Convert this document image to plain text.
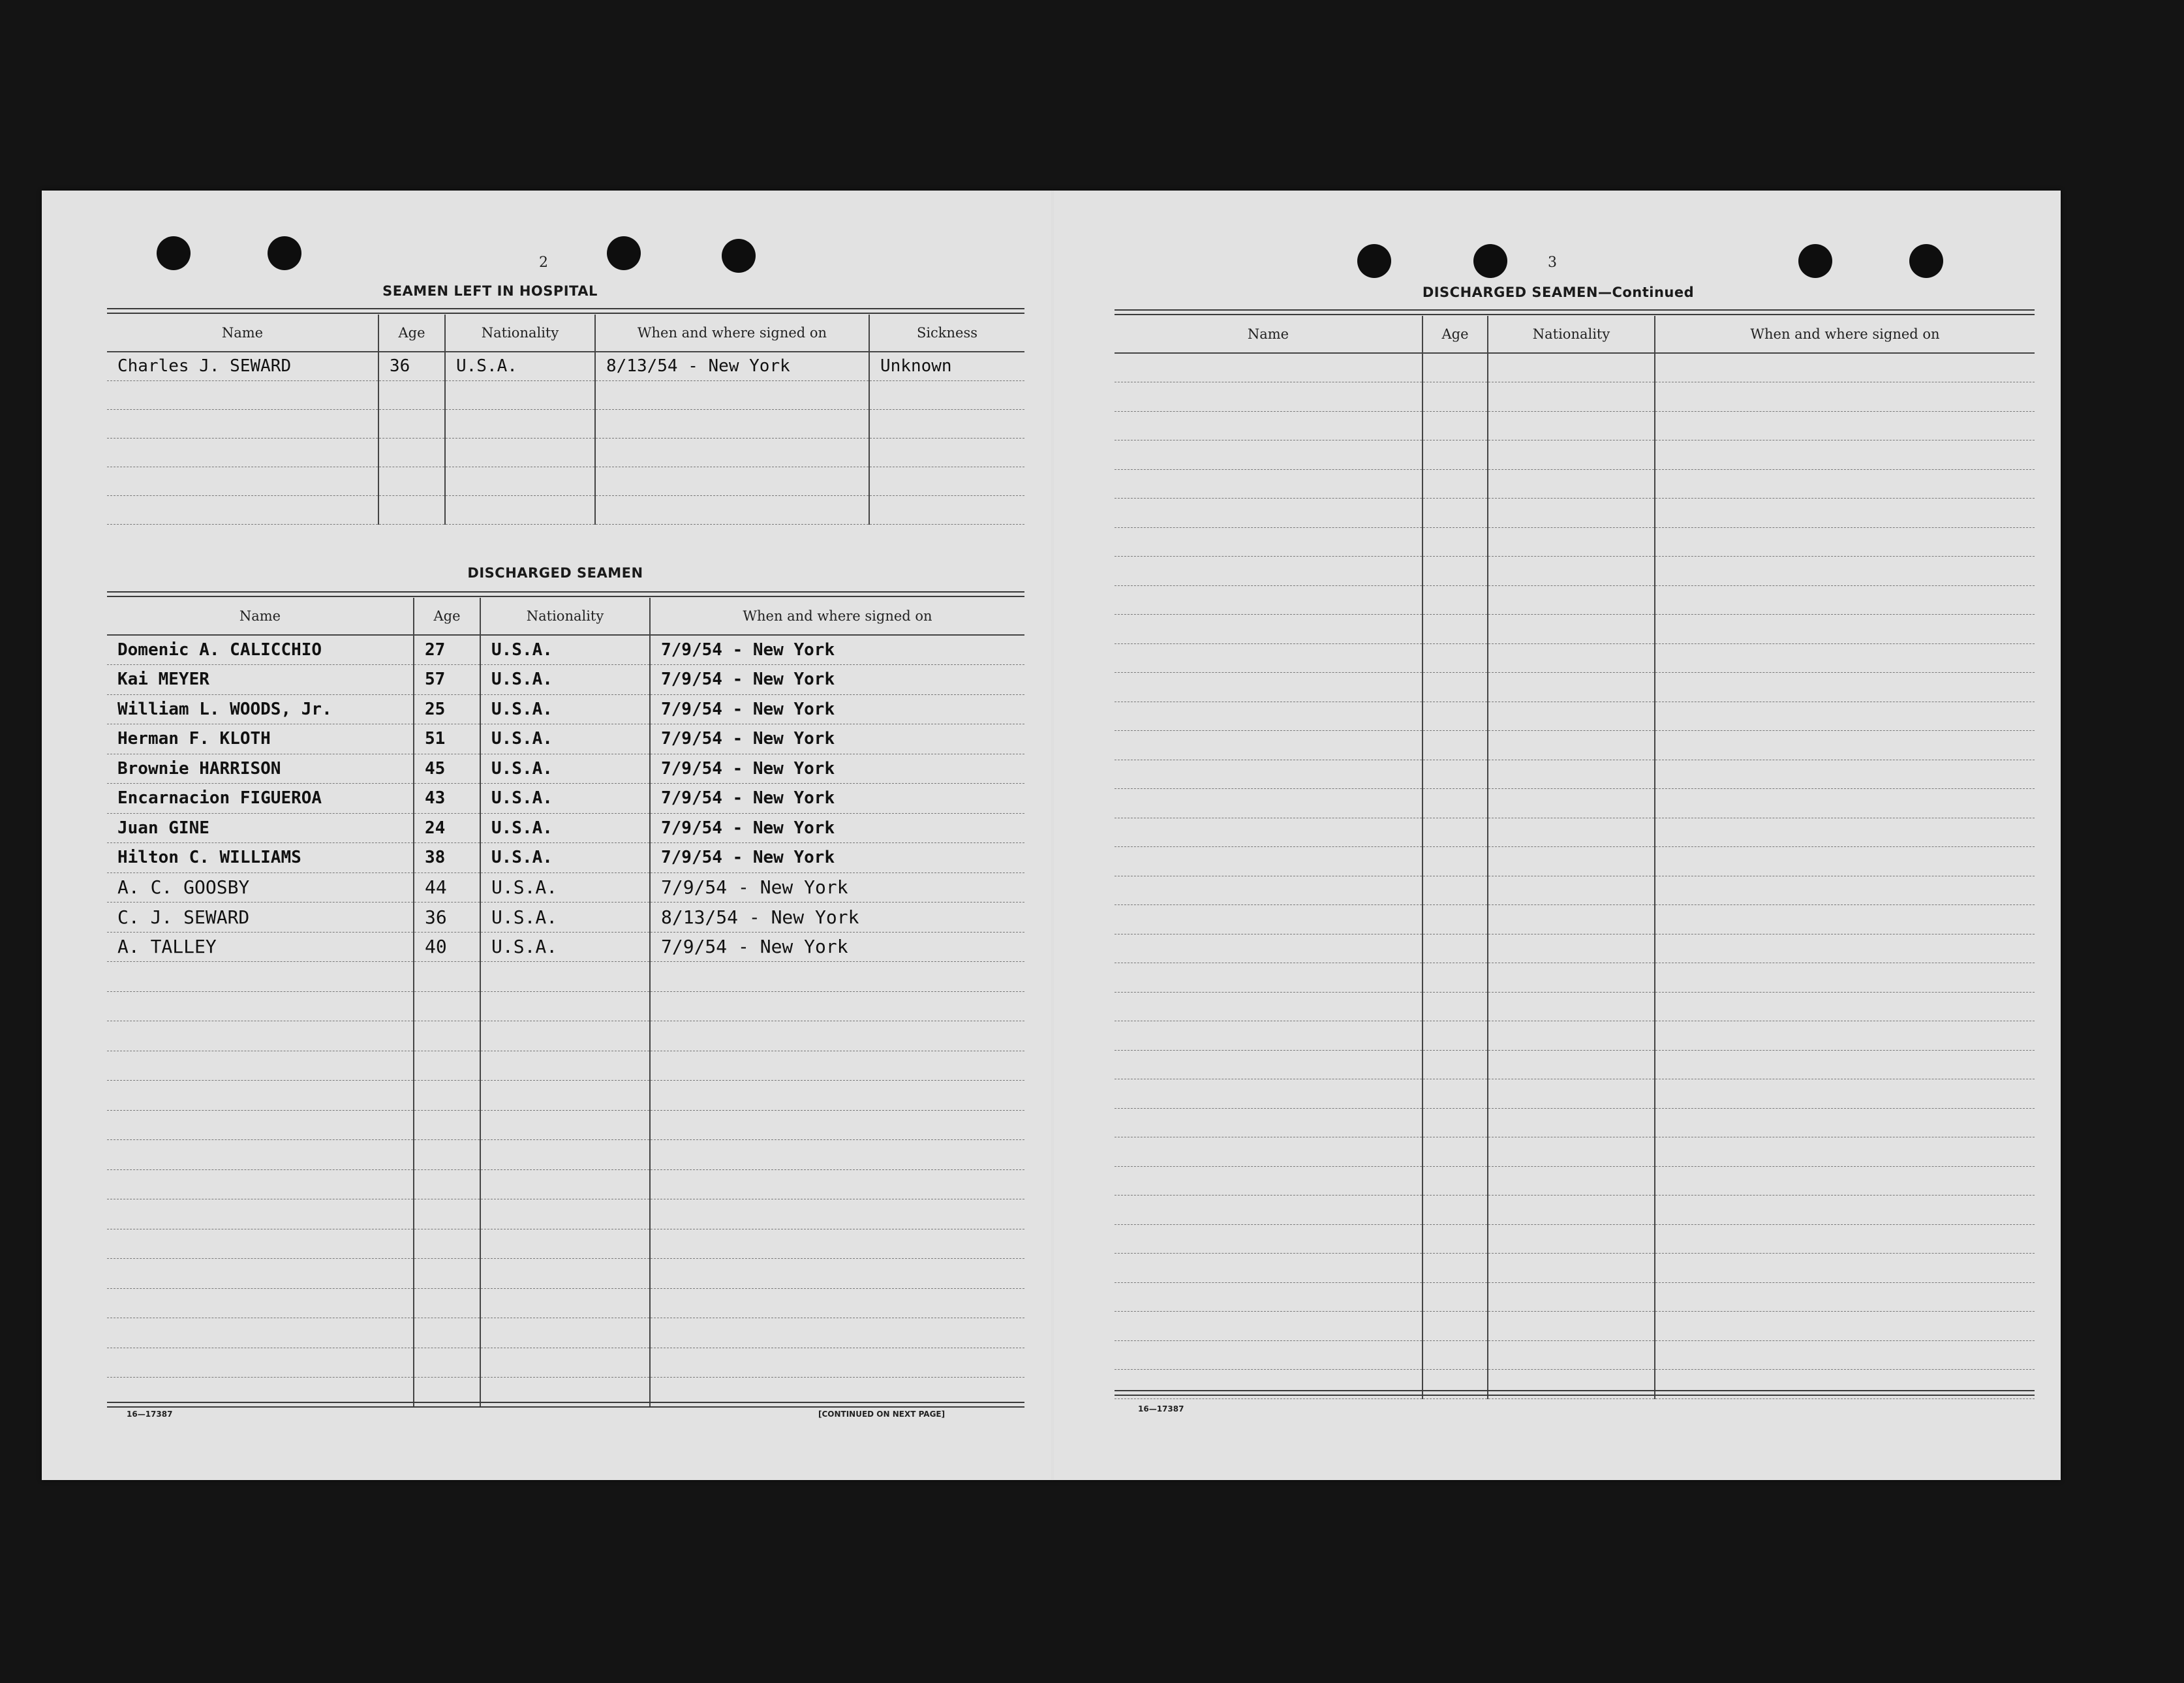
2
SEAMEN LEFT IN HOSPITAL
Name	Age	Nationality	When and where signed on	Sickness
Charles J. SEWARD	36	U.S.A.	8/13/54 - New York	Unknown

DISCHARGED SEAMEN
Name	Age	Nationality	When and where signed on
Domenic A. CALICCHIO	27	U.S.A.	7/9/54 - New York
Kai MEYER	57	U.S.A.	7/9/54 - New York
William L. WOODS, Jr.	25	U.S.A.	7/9/54 - New York
Herman F. KLOTH	51	U.S.A.	7/9/54 - New York
Brownie HARRISON	45	U.S.A.	7/9/54 - New York
Encarnacion FIGUEROA	43	U.S.A.	7/9/54 - New York
Juan GINE	24	U.S.A.	7/9/54 - New York
Hilton C. WILLIAMS	38	U.S.A.	7/9/54 - New York
A. C. GOOSBY	44	U.S.A.	7/9/54 - New York
C. J. SEWARD	36	U.S.A.	8/13/54 - New York
A. TALLEY	40	U.S.A.	7/9/54 - New York

16—17387	[CONTINUED ON NEXT PAGE]
3
DISCHARGED SEAMEN—Continued
Name	Age	Nationality	When and where signed on

16—17387
